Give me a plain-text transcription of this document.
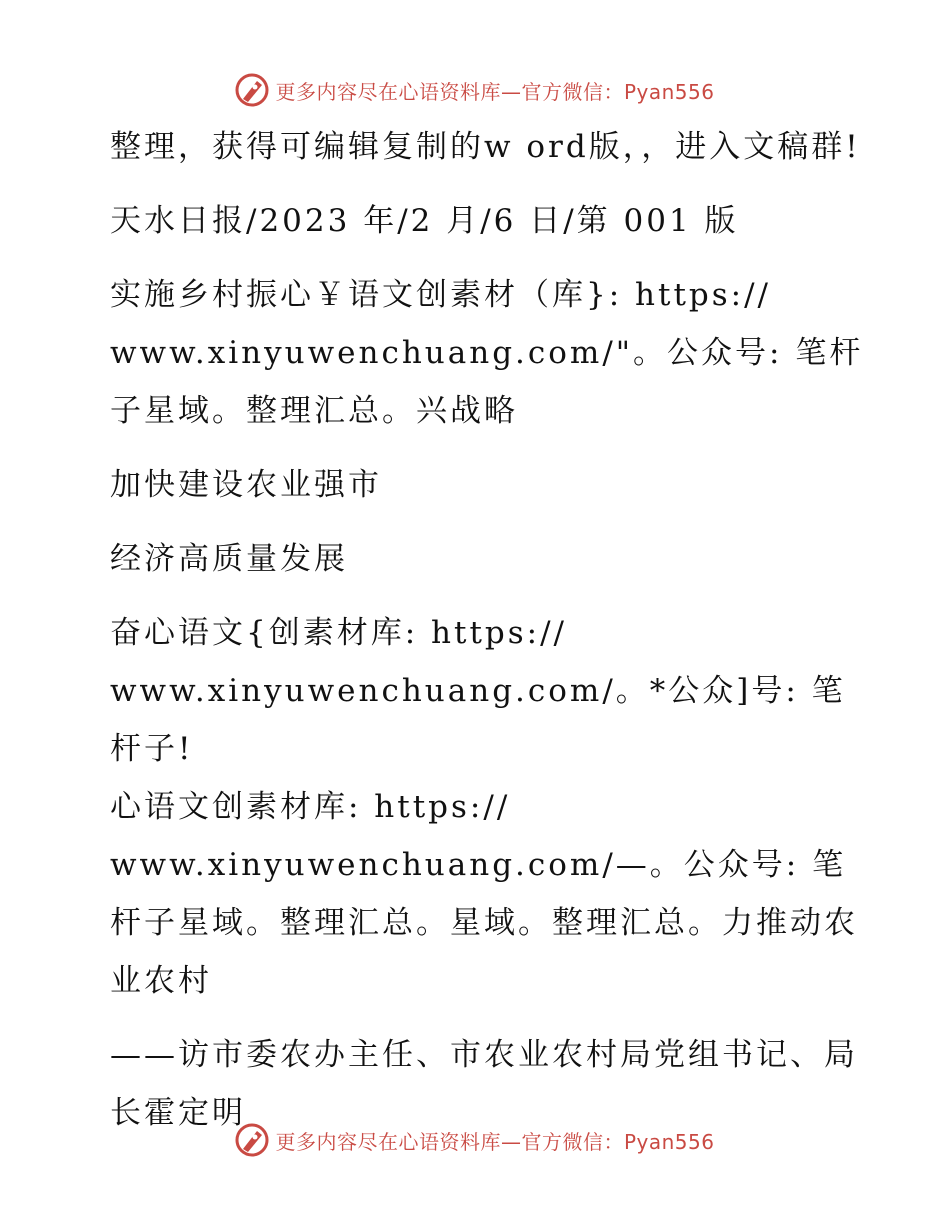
更多内容尽在心语资料库—官方微信：Pyan556

整理，获得可编辑复制的w ord版，，进入文稿群!

天水日报/2023 年/2 月/6 日/第 001 版

实施乡村振心￥语文创素材（库}: https://
www.xinyuwenchuang.com/"。公众号: 笔杆子星域。整理汇总。兴战略

加快建设农业强市

经济高质量发展

奋心语文{创素材库: https://
www.xinyuwenchuang.com/。*公众]号: 笔杆子!
心语文创素材库: https://
www.xinyuwenchuang.com/—。公众号: 笔杆子星域。整理汇总。星域。整理汇总。力推动农业农村

——访市委农办主任、市农业农村局党组书记、局长霍定明

更多内容尽在心语资料库—官方微信：Pyan556
